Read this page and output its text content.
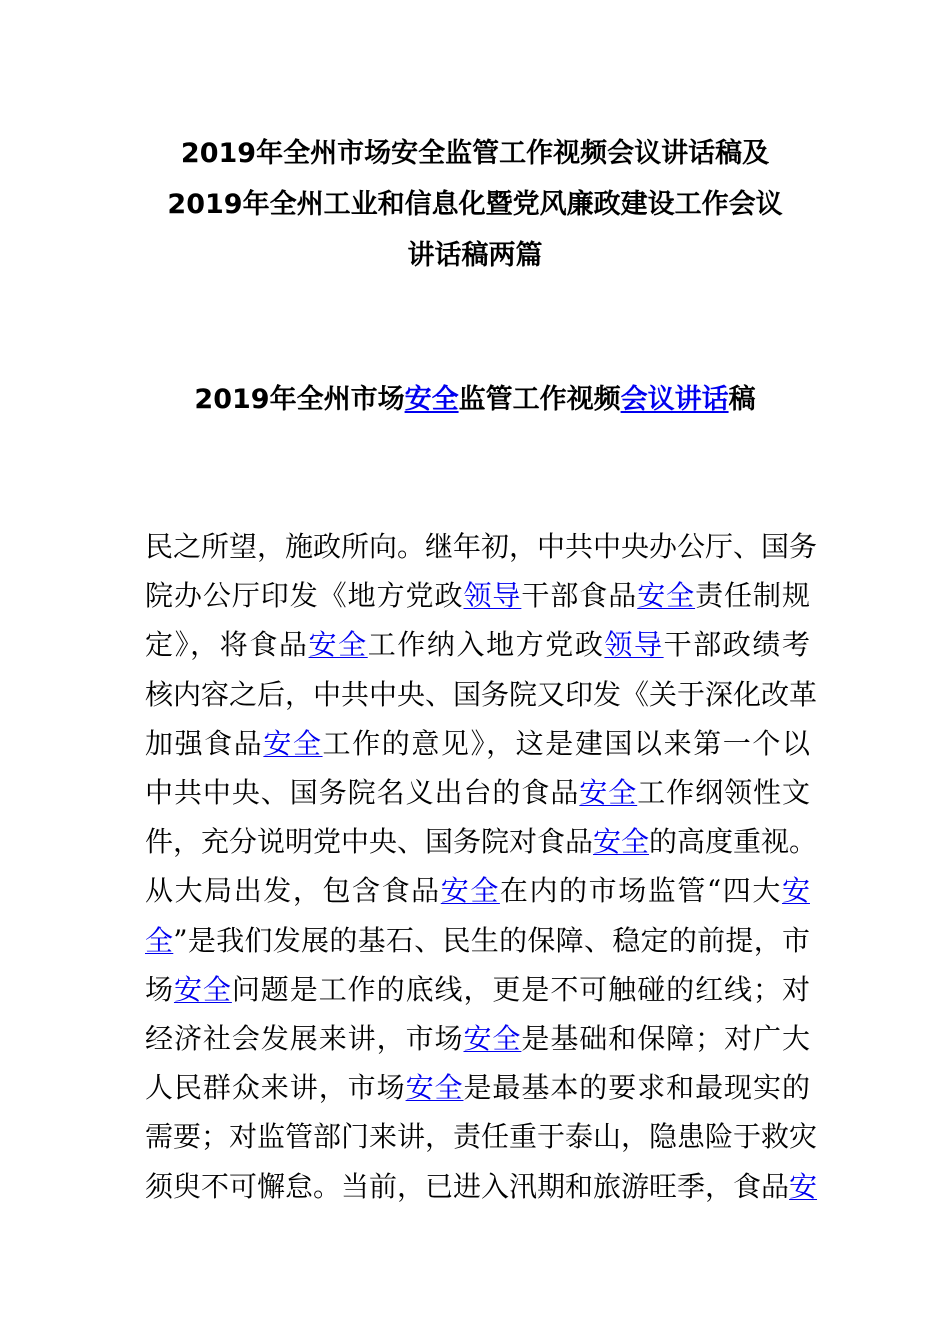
2019年全州市场安全监管工作视频会议讲话稿及
2019年全州工业和信息化暨党风廉政建设工作会议
讲话稿两篇
2019年全州市场安全监管工作视频会议讲话稿
民之所望，施政所向。继年初，中共中央办公厅、国务
院办公厅印发《地方党政领导干部食品安全责任制规
定》，将食品安全工作纳入地方党政领导干部政绩考
核内容之后，中共中央、国务院又印发《关于深化改革
加强食品安全工作的意见》，这是建国以来第一个以
中共中央、国务院名义出台的食品安全工作纲领性文
件，充分说明党中央、国务院对食品安全的高度重视。
从大局出发，包含食品安全在内的市场监管“四大安
全”是我们发展的基石、民生的保障、稳定的前提，市
场安全问题是工作的底线，更是不可触碰的红线；对
经济社会发展来讲，市场安全是基础和保障；对广大
人民群众来讲，市场安全是最基本的要求和最现实的
需要；对监管部门来讲，责任重于泰山，隐患险于救灾
须臾不可懈怠。当前，已进入汛期和旅游旺季，食品安
